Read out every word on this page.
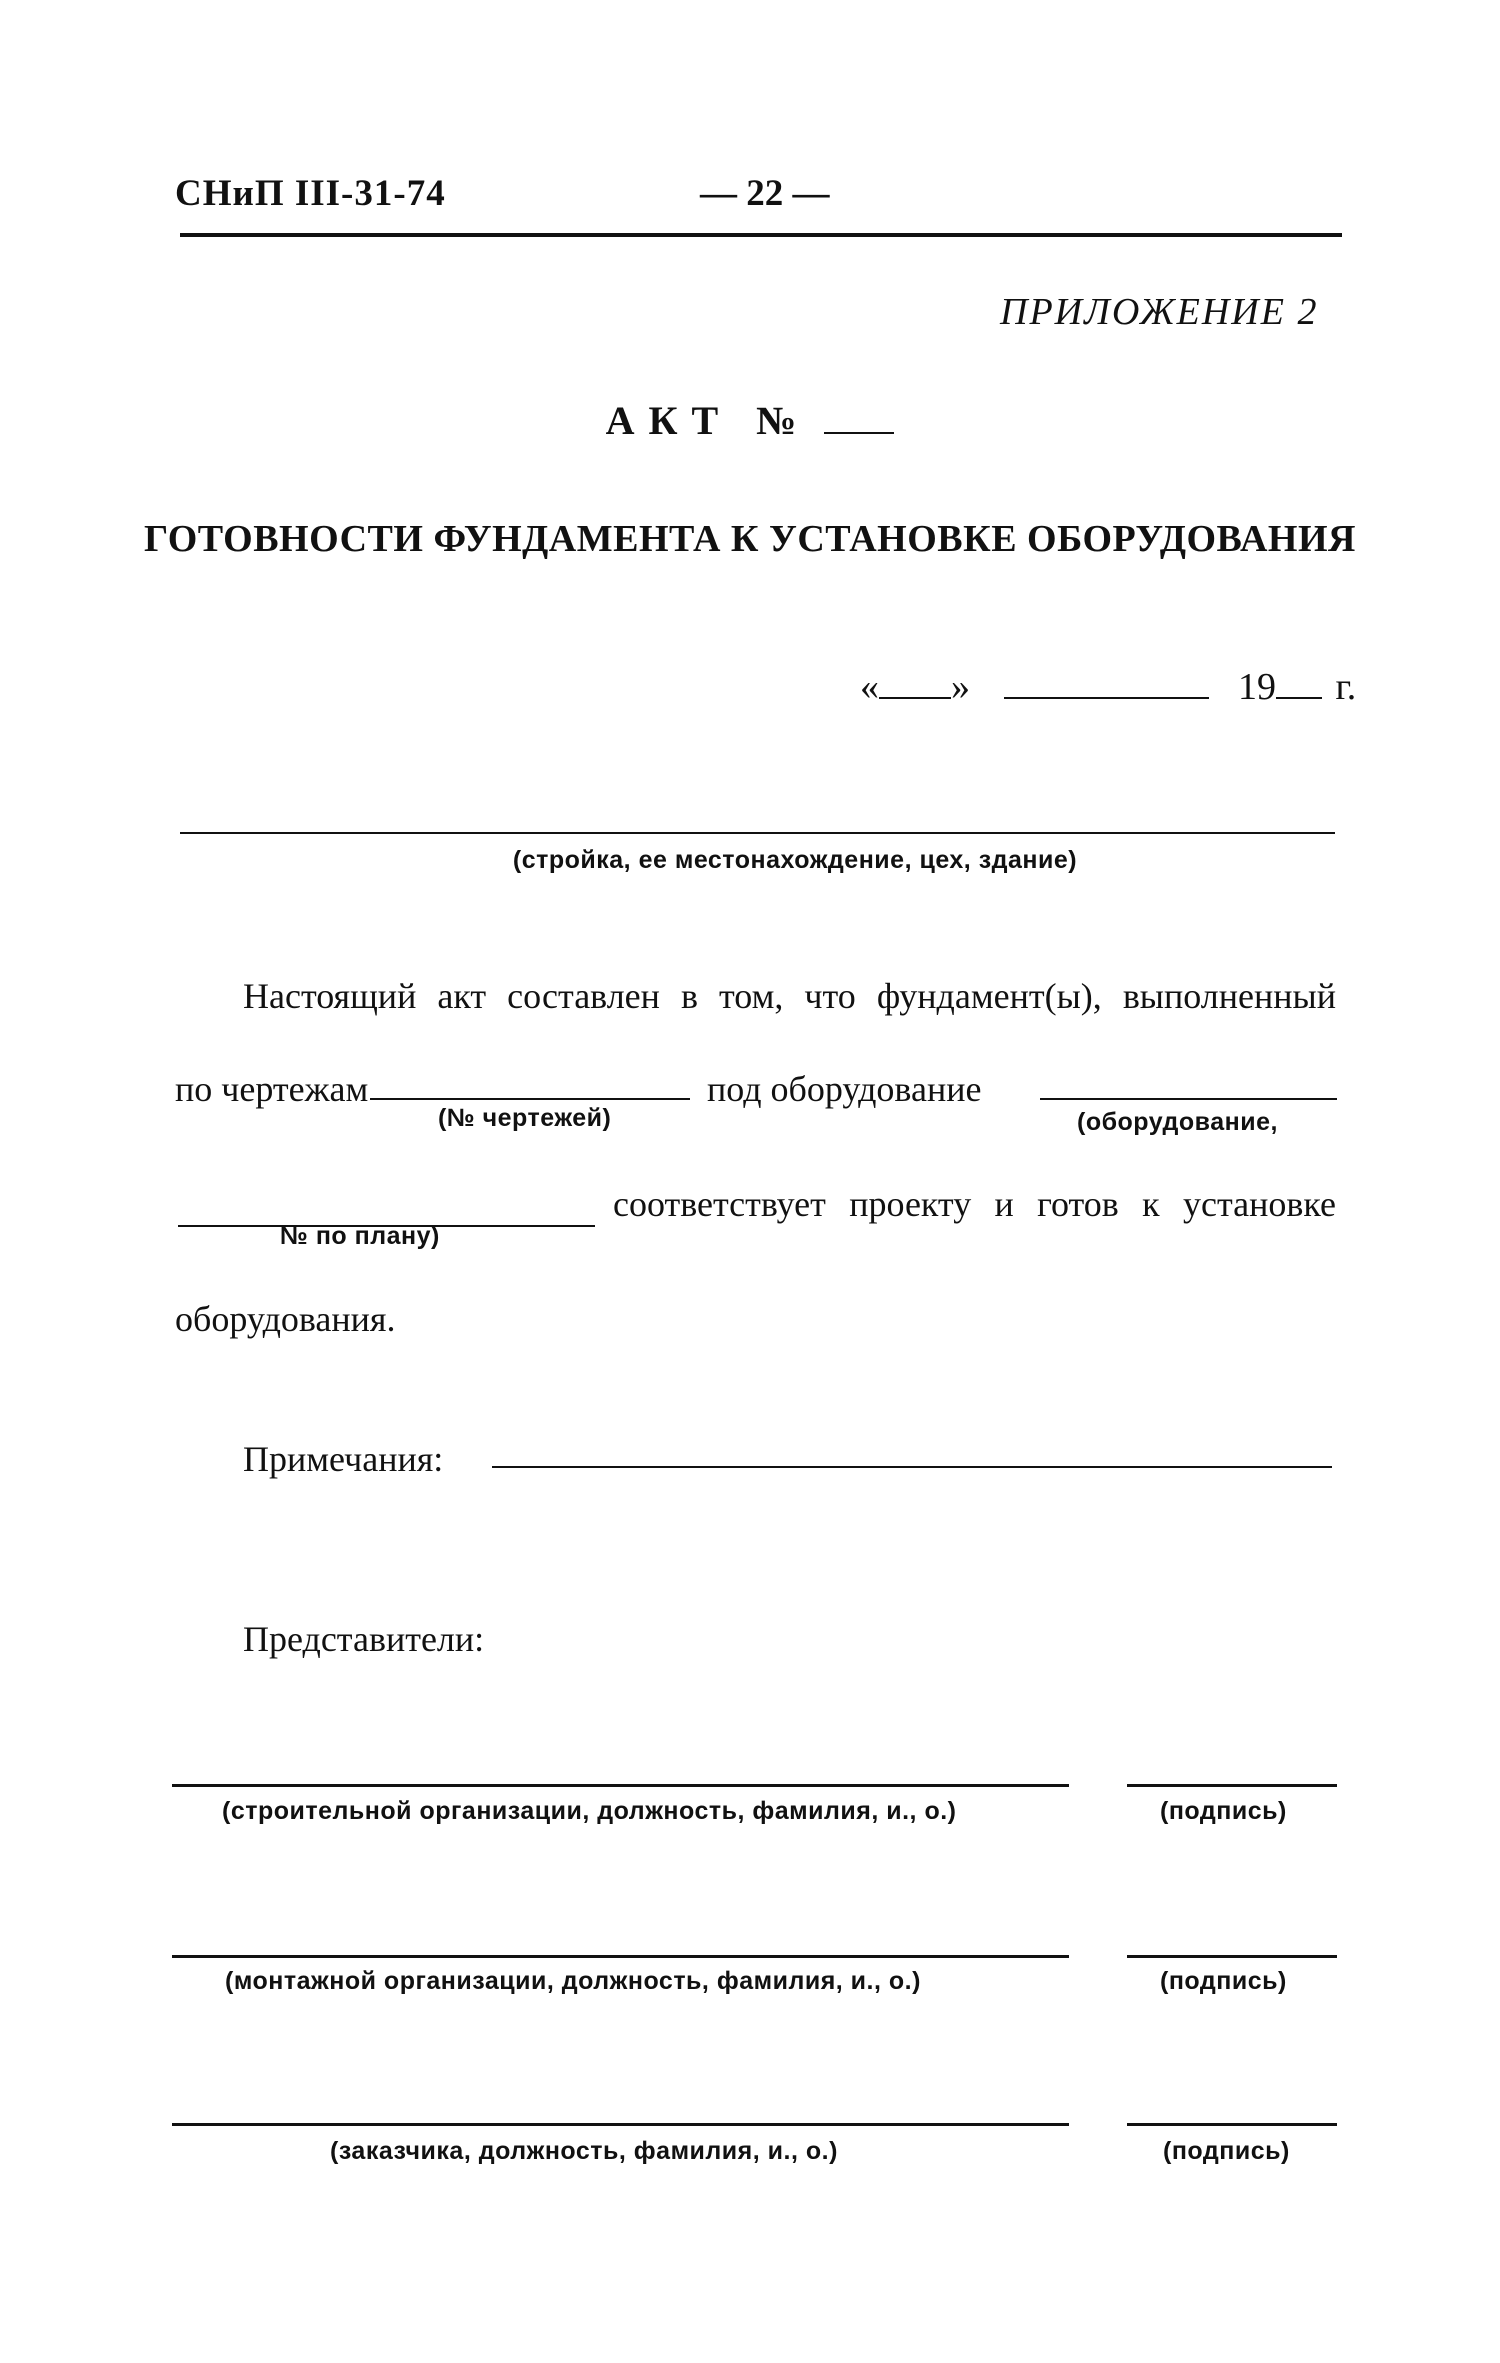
СНиП III-31-74	— 22 —
ПРИЛОЖЕНИЕ 2
АКТ №
ГОТОВНОСТИ ФУНДАМЕНТА К УСТАНОВКЕ ОБОРУДОВАНИЯ
« »	19 г.
(стройка, ее местонахождение, цех, здание)
Настоящий акт составлен в том, что фундамент(ы), выполненный
по чертежам	под оборудование
(№ чертежей)	(оборудование,
соответствует проекту и готов к установке
№ по плану)
оборудования.
Примечания:
Представители:
(строительной организации, должность, фамилия, и., о.)	(подпись)
(монтажной организации, должность, фамилия, и., о.)	(подпись)
(заказчика, должность, фамилия, и., о.)	(подпись)
